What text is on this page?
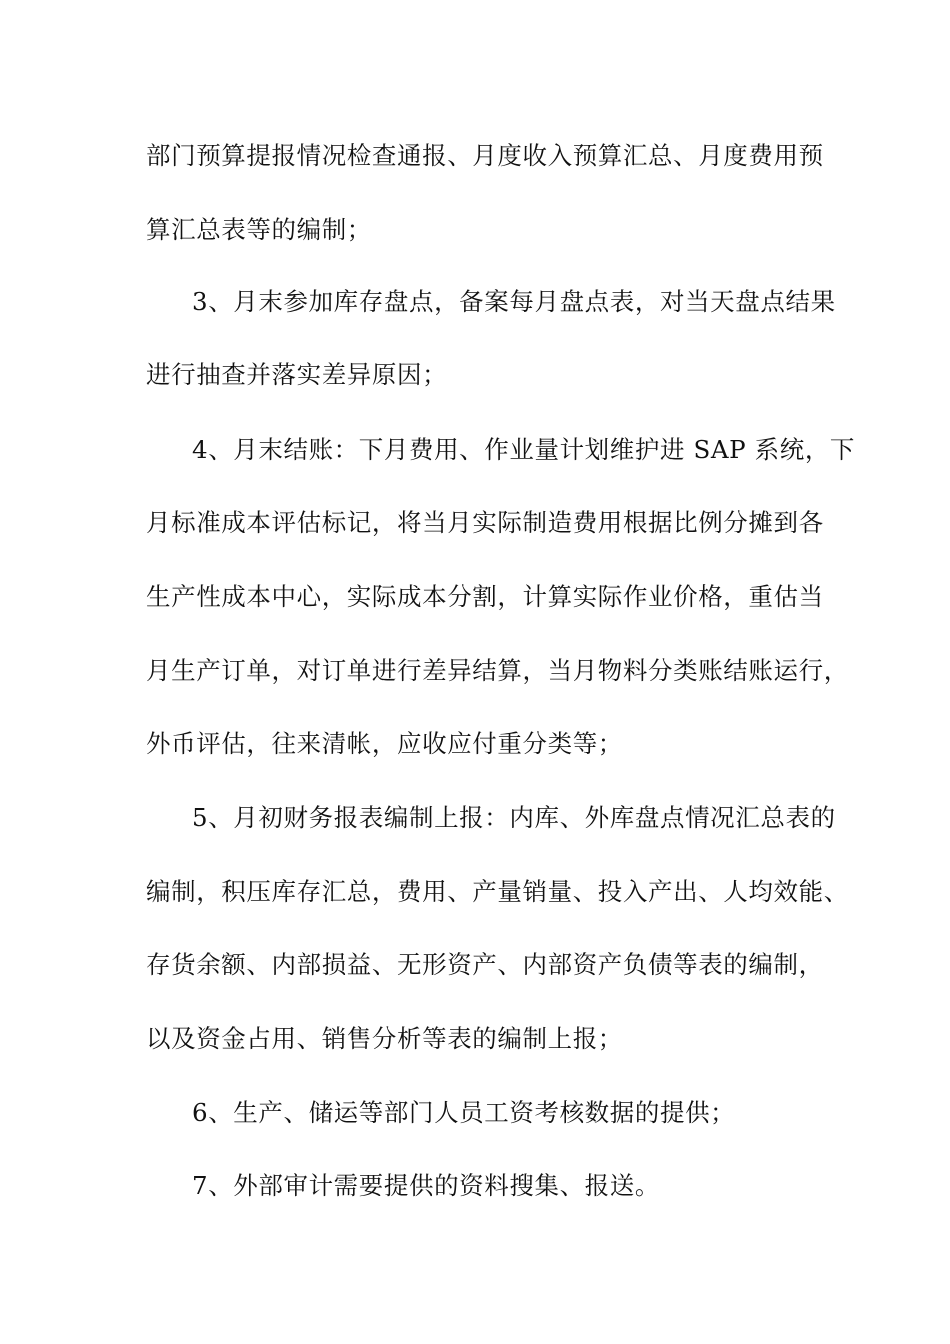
部门预算提报情况检查通报、月度收入预算汇总、月度费用预
算汇总表等的编制；
3、月末参加库存盘点，备案每月盘点表，对当天盘点结果
进行抽查并落实差异原因；
4、月末结账：下月费用、作业量计划维护进 SAP 系统，下
月标准成本评估标记，将当月实际制造费用根据比例分摊到各
生产性成本中心，实际成本分割，计算实际作业价格，重估当
月生产订单，对订单进行差异结算，当月物料分类账结账运行，
外币评估，往来清帐，应收应付重分类等；
5、月初财务报表编制上报：内库、外库盘点情况汇总表的
编制，积压库存汇总，费用、产量销量、投入产出、人均效能、
存货余额、内部损益、无形资产、内部资产负债等表的编制，
以及资金占用、销售分析等表的编制上报；
6、生产、储运等部门人员工资考核数据的提供；
7、外部审计需要提供的资料搜集、报送。
